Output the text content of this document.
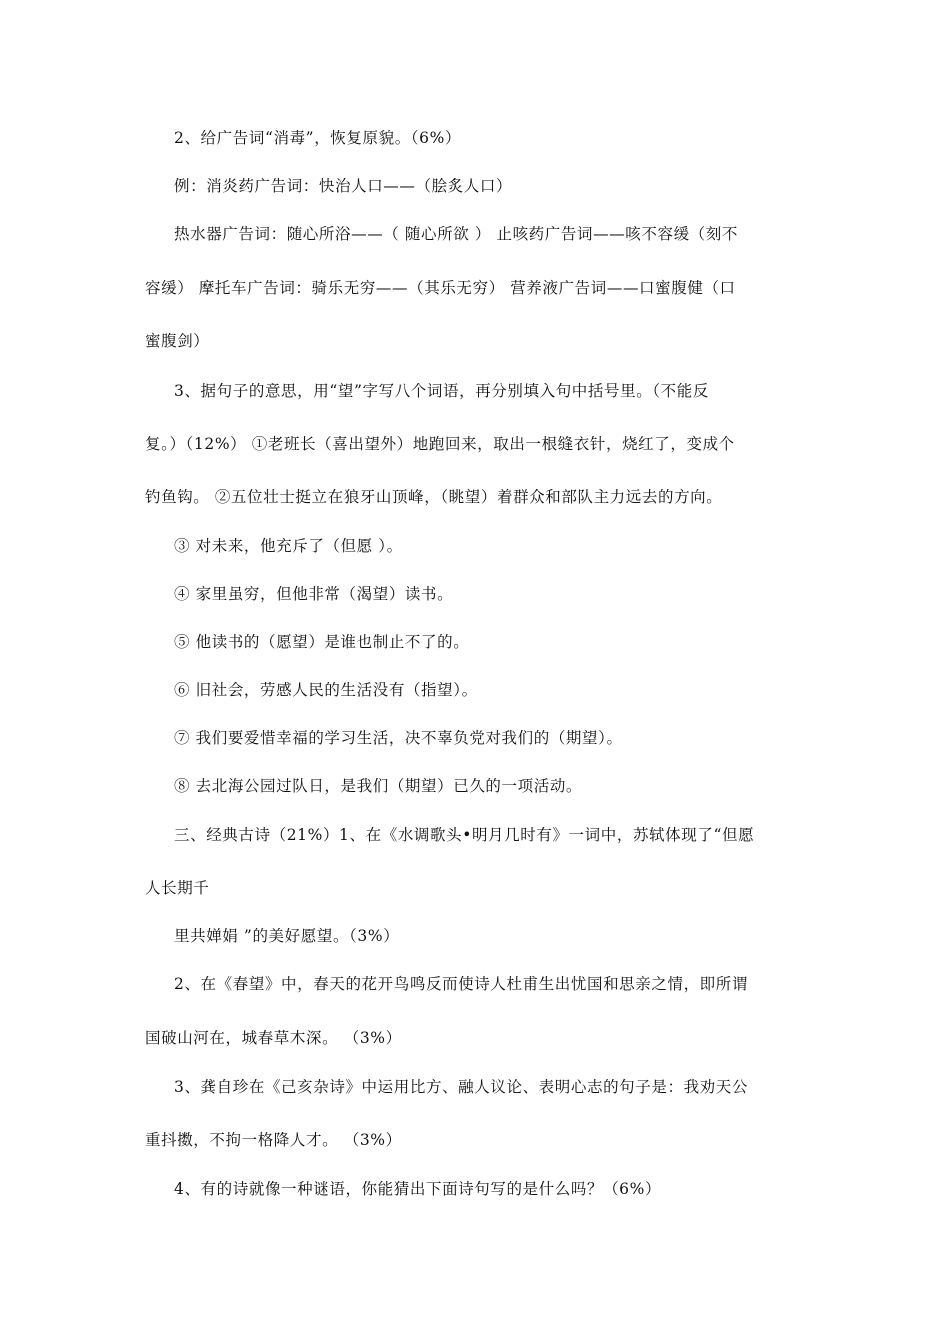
2、给广告词“消毒”，恢复原貌。（6%）
例：消炎药广告词：快治人口——（脍炙人口）
热水器广告词：随心所浴——（ 随心所欲 ） 止咳药广告词——咳不容缓（刻不
容缓） 摩托车广告词：骑乐无穷——（其乐无穷） 营养液广告词——口蜜腹健（口
蜜腹剑）
3、据句子的意思，用“望”字写八个词语，再分别填入句中括号里。（不能反
复。）（12%） ①老班长（喜出望外）地跑回来，取出一根缝衣针，烧红了，变成个
钓鱼钩。 ②五位壮士挺立在狼牙山顶峰，（眺望）着群众和部队主力远去的方向。
③ 对未来，他充斥了（但愿 ）。
④ 家里虽穷，但他非常（渴望）读书。
⑤ 他读书的（愿望）是谁也制止不了的。
⑥ 旧社会，劳感人民的生活没有（指望）。
⑦ 我们要爱惜幸福的学习生活，决不辜负党对我们的（期望）。
⑧ 去北海公园过队日，是我们（期望）已久的一项活动。
三、经典古诗（21%）1、在《水调歌头•明月几时有》一词中，苏轼体现了“但愿
人长期千
里共婵娟 ”的美好愿望。（3%）
2、在《春望》中，春天的花开鸟鸣反而使诗人杜甫生出忧国和思亲之情，即所谓
国破山河在，城春草木深。 （3%）
3、龚自珍在《己亥杂诗》中运用比方、融人议论、表明心志的句子是：我劝天公
重抖擞，不拘一格降人才。 （3%）
4、有的诗就像一种谜语，你能猜出下面诗句写的是什么吗？（6%）
